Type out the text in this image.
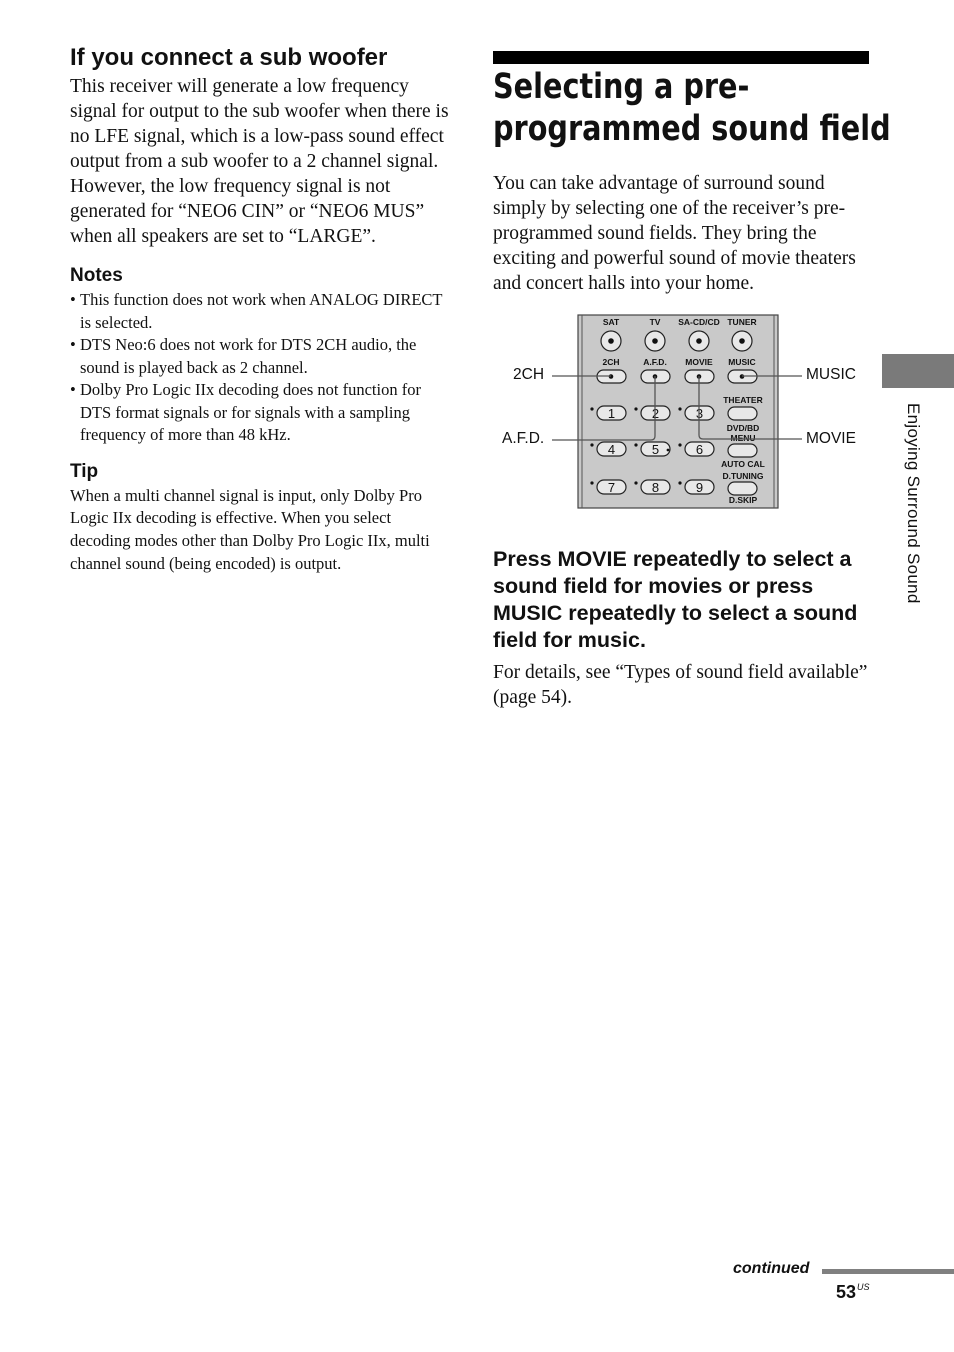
If you connect a sub woofer

This receiver will generate a low frequency signal for output to the sub woofer when there is no LFE signal, which is a low-pass sound effect output from a sub woofer to a 2 channel signal. However, the low frequency signal is not generated for “NEO6 CIN” or “NEO6 MUS” when all speakers are set to “LARGE”.

Notes
• This function does not work when ANALOG DIRECT is selected.
• DTS Neo:6 does not work for DTS 2CH audio, the sound is played back as 2 channel.
• Dolby Pro Logic IIx decoding does not function for DTS format signals or for signals with a sampling frequency of more than 48 kHz.
Tip

When a multi channel signal is input, only Dolby Pro Logic IIx decoding is effective. When you select decoding modes other than Dolby Pro Logic IIx, multi channel sound (being encoded) is output.

Selecting a pre-
programmed sound field

You can take advantage of surround sound simply by selecting one of the receiver’s pre-programmed sound fields. They bring the exciting and powerful sound of movie theaters and concert halls into your home.

SAT	TV SA-CD/CD TUNER
2CH	A.F.D. MOVIE MUSIC
THEATER
DVD/BD
MENU
AUTO CAL
D.TUNING
D.SKIP
1	2	3
4	5	6
7	8	9
2CH
A.F.D.
MUSIC
MOVIE
Press MOVIE repeatedly to select a sound field for movies or press MUSIC repeatedly to select a sound field for music.

For details, see “Types of sound field available” (page 54).

Enjoying Surround Sound
continued
$53^{US}$
